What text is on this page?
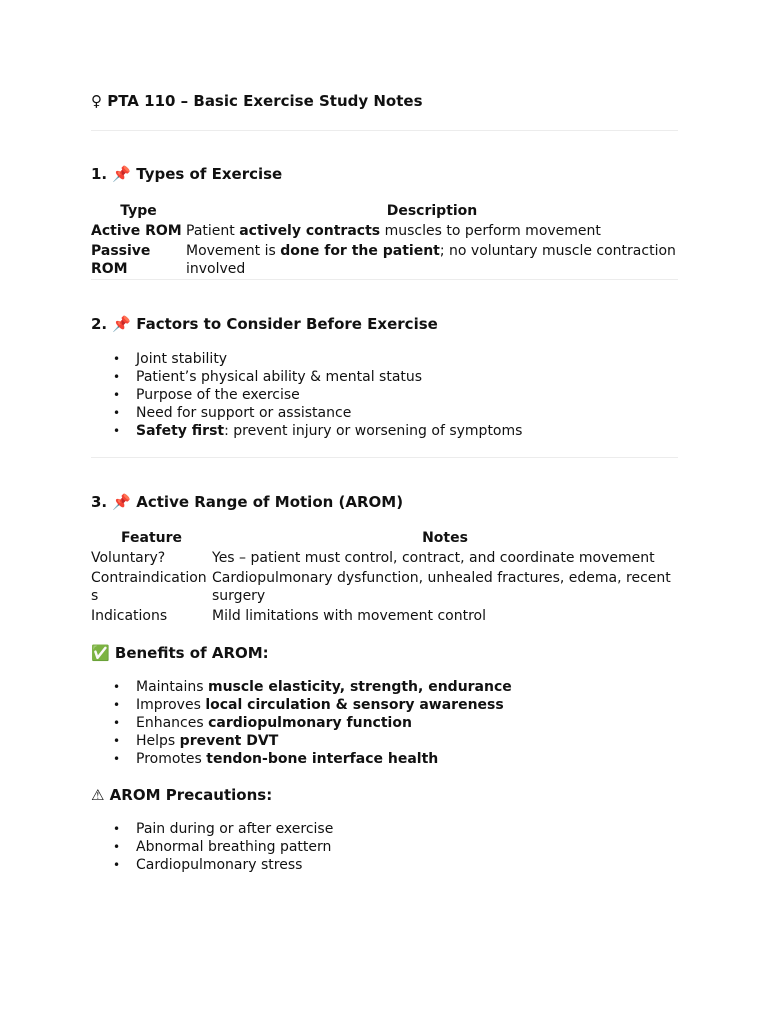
♀ PTA 110 – Basic Exercise Study Notes
1. 📌 Types of Exercise
Type	Description
Active ROM	Patient actively contracts muscles to perform movement
Passive ROM	Movement is done for the patient; no voluntary muscle contraction involved
2. 📌 Factors to Consider Before Exercise
• Joint stability
• Patient’s physical ability & mental status
• Purpose of the exercise
• Need for support or assistance
• Safety first: prevent injury or worsening of symptoms
3. 📌 Active Range of Motion (AROM)
Feature	Notes
Voluntary?	Yes – patient must control, contract, and coordinate movement
Contraindications	Cardiopulmonary dysfunction, unhealed fractures, edema, recent surgery
Indications	Mild limitations with movement control
✅ Benefits of AROM:
• Maintains muscle elasticity, strength, endurance
• Improves local circulation & sensory awareness
• Enhances cardiopulmonary function
• Helps prevent DVT
• Promotes tendon-bone interface health
⚠ AROM Precautions:
• Pain during or after exercise
• Abnormal breathing pattern
• Cardiopulmonary stress
